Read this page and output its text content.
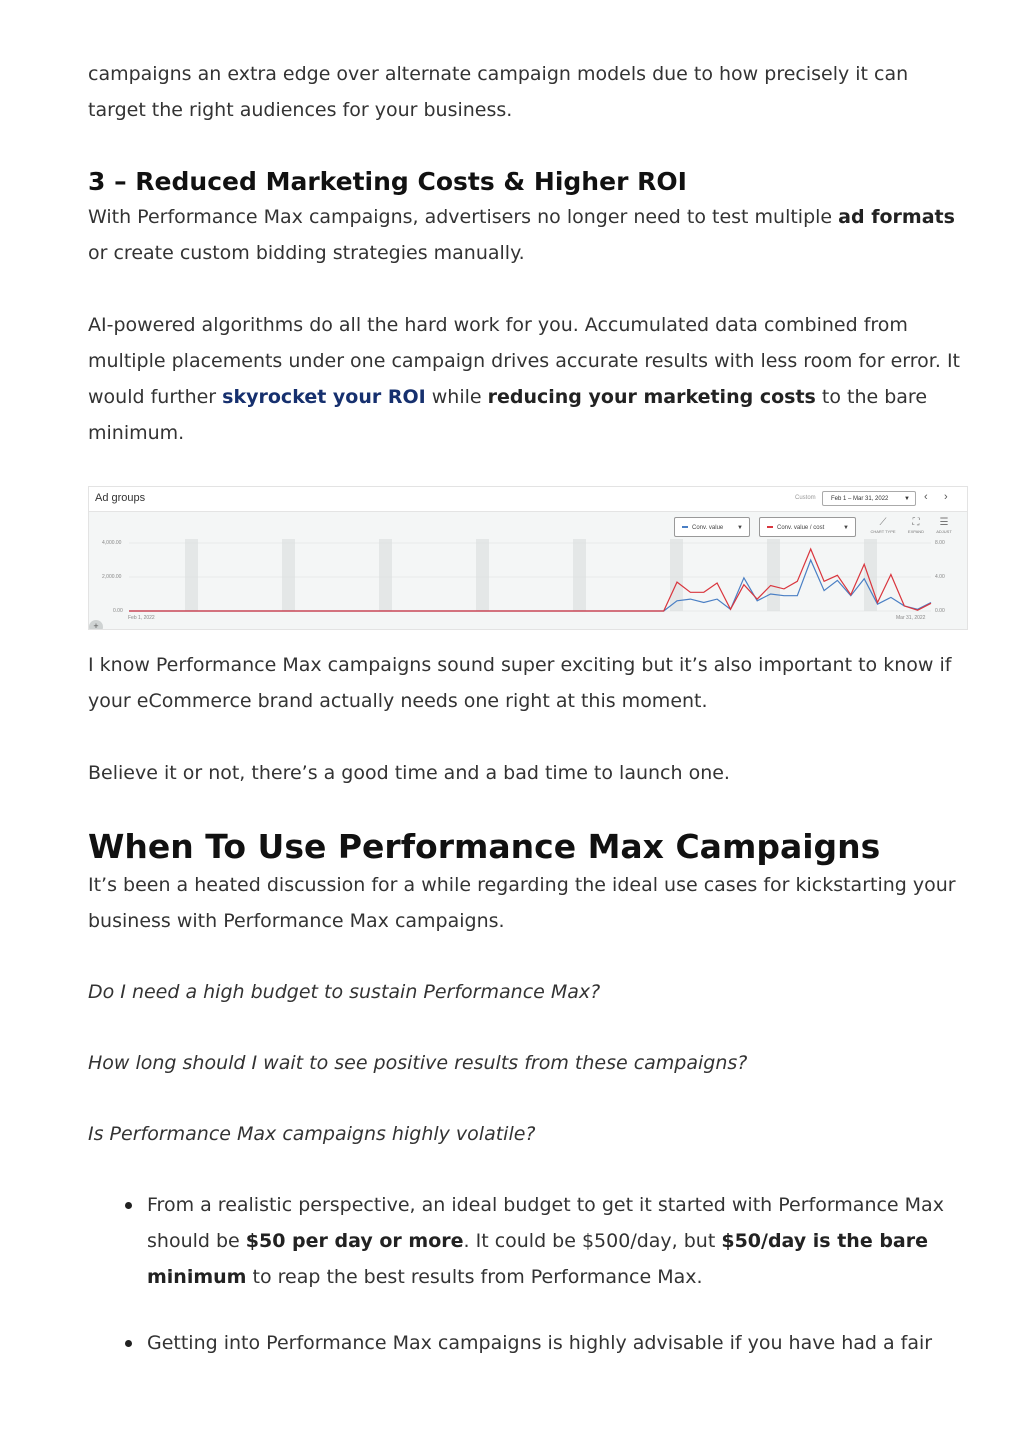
campaigns an extra edge over alternate campaign models due to how precisely it can target the right audiences for your business.

3 – Reduced Marketing Costs & Higher ROI

With Performance Max campaigns, advertisers no longer need to test multiple ad formats or create custom bidding strategies manually.

AI-powered algorithms do all the hard work for you. Accumulated data combined from multiple placements under one campaign drives accurate results with less room for error. It would further skyrocket your ROI while reducing your marketing costs to the bare minimum.

Ad groups	Custom	Feb 1 – Mar 31, 2022	▼ ‹ ›
Conv. value ▼	Conv. value / cost	▼	⟋
CHART TYPE
⛶
EXPAND
☰
ADJUST
4,000.00
2,000.00
0.00
8.00
4.00
0.00
Feb 1, 2022	Mar 31, 2022
+

I know Performance Max campaigns sound super exciting but it’s also important to know if your eCommerce brand actually needs one right at this moment.

Believe it or not, there’s a good time and a bad time to launch one.

When To Use Performance Max Campaigns

It’s been a heated discussion for a while regarding the ideal use cases for kickstarting your business with Performance Max campaigns.

Do I need a high budget to sustain Performance Max?

How long should I wait to see positive results from these campaigns?

Is Performance Max campaigns highly volatile?

From a realistic perspective, an ideal budget to get it started with Performance Max should be $50 per day or more. It could be $500/day, but $50/day is the bare minimum to reap the best results from Performance Max.
Getting into Performance Max campaigns is highly advisable if you have had a fair
